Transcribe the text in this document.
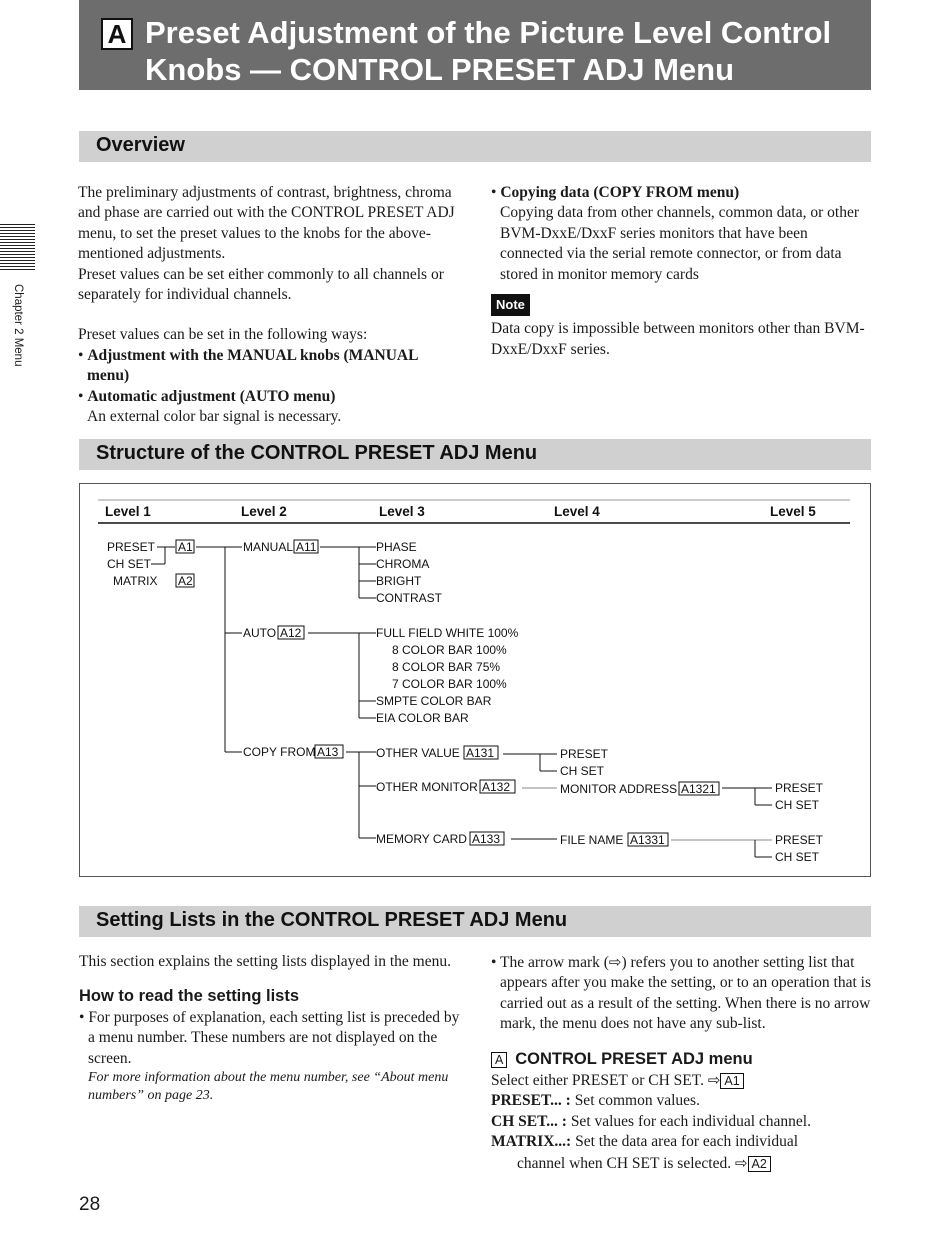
A Preset Adjustment of the Picture Level Control
Knobs — CONTROL PRESET ADJ Menu
Chapter 2 Menu
Overview
The preliminary adjustments of contrast, brightness, chroma and phase are carried out with the CONTROL PRESET ADJ menu, to set the preset values to the knobs for the above-mentioned adjustments.
Preset values can be set either commonly to all channels or separately for individual channels.
Preset values can be set in the following ways:
• Adjustment with the MANUAL knobs (MANUAL menu)
• Automatic adjustment (AUTO menu)
An external color bar signal is necessary.
• Copying data (COPY FROM menu)
Copying data from other channels, common data, or other BVM-DxxE/DxxF series monitors that have been connected via the serial remote connector, or from data stored in monitor memory cards
Note
Data copy is impossible between monitors other than BVM-DxxE/DxxF series.
Structure of the CONTROL PRESET ADJ Menu
Level 1	Level 2	Level 3	Level 4	Level 5
PRESET
CH SET
MATRIX
A1
A2
MANUAL A11	PHASE
CHROMA
BRIGHT
CONTRAST
AUTO A12	FULL FIELD WHITE 100%
8 COLOR BAR 100%
8 COLOR BAR 75%
7 COLOR BAR 100%
SMPTE COLOR BAR
EIA COLOR BAR
COPY FROM A13	OTHER VALUE A131	PRESET
CH SET
OTHER MONITOR A132	MONITOR ADDRESS A1321	PRESET
CH SET
MEMORY CARD A133	FILE NAME A1331	PRESET
CH SET
Setting Lists in the CONTROL PRESET ADJ Menu
This section explains the setting lists displayed in the menu.
How to read the setting lists
• For purposes of explanation, each setting list is preceded by a menu number. These numbers are not displayed on the screen.
For more information about the menu number, see “About menu numbers” on page 23.
• The arrow mark (⇨) refers you to another setting list that appears after you make the setting, or to an operation that is carried out as a result of the setting. When there is no arrow mark, the menu does not have any sub-list.
A CONTROL PRESET ADJ menu
Select either PRESET or CH SET. ⇨ A1
PRESET... : Set common values.
CH SET... : Set values for each individual channel.
MATRIX...: Set the data area for each individual
channel when CH SET is selected. ⇨ A2
28
